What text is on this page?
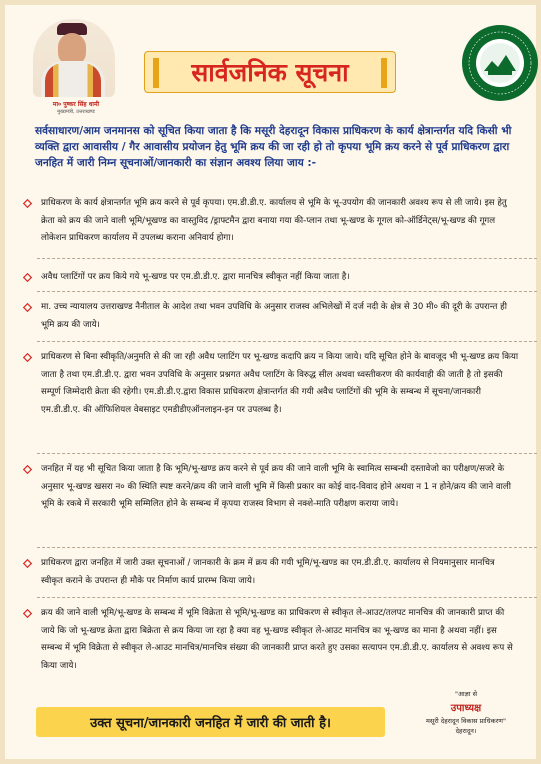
मा० पुष्कर सिंह धामी
मुख्यमंत्री, उत्तराखण्ड
सार्वजनिक सूचना
देहरादून
सर्वसाधारण/आम जनमानस को सूचित किया जाता है कि मसूरी देहरादून विकास प्राधिकरण के कार्य क्षेत्रान्तर्गत यदि किसी भी व्यक्ति द्वारा आवासीय / गैर आवासीय प्रयोजन हेतु भूमि क्रय की जा रही हो तो कृपया भूमि क्रय करने से पूर्व प्राधिकरण द्वारा जनहित में जारी निम्न सूचनाओं/जानकारी का संज्ञान अवश्य लिया जाय :-
प्राधिकरण के कार्य क्षेत्रान्तर्गत भूमि क्रय करने से पूर्व कृपया। एम.डी.डी.ए. कार्यालय से भूमि के भू-उपयोग की जानकारी अवश्य रूप से ली जाये। इस हेतु क्रेता को क्रय की जाने वाली भूमि/भूखण्ड का वास्तुविद /ड्राफ्टमैन द्वारा बनाया गया की-प्लान तथा भू-खण्ड के गूगल को-ऑर्डिनेट्स/भू-खण्ड की गूगल लोकेशन प्राधिकरण कार्यालय में उपलब्ध कराना अनिवार्य होगा।
अवैध प्लाटिंगों पर क्रय किये गये भू-खण्ड पर एम.डी.डी.ए. द्वारा मानचित्र स्वीकृत नहीं किया जाता है।
मा. उच्च न्यायालय उत्तराखण्ड नैनीताल के आदेश तथा भवन उपविधि के अनुसार राजस्व अभिलेखों में दर्ज नदी के क्षेत्र से 30 मी० की दूरी के उपरान्त ही भूमि क्रय की जाये।
प्राधिकरण से बिना स्वीकृति/अनुमति से की जा रही अवैध प्लाटिंग पर भू-खण्ड कदापि क्रय न किया जाये। यदि सूचित होने के बावजूद भी भू-खण्ड क्रय किया जाता है तथा एम.डी.डी.ए. द्वारा भवन उपविधि के अनुसार प्रश्नगत अवैध प्लाटिंग के विरुद्ध सील अथवा ध्वस्तीकरण की कार्यवाही की जाती है तो इसकी सम्पूर्ण जिम्मेदारी क्रेता की रहेगी। एम.डी.डी.ए.द्वारा विकास प्राधिकरण क्षेत्रान्तर्गत की गयी अवैध प्लाटिंगों की भूमि के सम्बन्ध में सूचना/जानकारी एम.डी.डी.ए. की ऑफिशियल वेबसाइट एमडीडीएऑनलाइन-इन पर उपलब्ध है।
जनहित में यह भी सूचित किया जाता है कि भूमि/भू-खण्ड क्रय करने से पूर्व क्रय की जाने वाली भूमि के स्वामित्व सम्बन्धी दस्तावेजो का परीक्षण/सजरे के अनुसार भू-खण्ड खसरा न० की स्थिति स्पष्ट करने/क्रय की जाने वाली भूमि में किसी प्रकार का कोई वाद-विवाद होने अथवा न 1 न होने/क्रय की जाने वाली भूमि के रकबे में सरकारी भूमि सम्मिलित होने के सम्बन्ध में कृपया राजस्व विभाग से नक्शे-माति परीक्षण कराया जाये।
प्राधिकरण द्वारा जनहित में जारी उक्त सूचनाओं / जानकारी के क्रम में क्रय की गयी भूमि/भू-खण्ड का एम.डी.डी.ए. कार्यालय से नियमानुसार मानचित्र स्वीकृत कराने के उपरान्त ही मौके पर निर्माण कार्य प्रारम्भ किया जाये।
क्रय की जाने वाली भूमि/भू-खण्ड के सम्बन्ध में भूमि विक्रेता से भूमि/भू-खण्ड का प्राधिकरण से स्वीकृत ले-आउट/तलपट मानचित्र की जानकारी प्राप्त की जाये कि जो भू-खण्ड क्रेता द्वारा बिक्रेता से क्रय किया जा रहा है क्या वह भू-खण्ड स्वीकृत ले-आउट मानचित्र का भू-खण्ड का माना है अथवा नहीं। इस सम्बन्ध में भूमि विक्रेता से स्वीकृत ले-आउट मानचित्र/मानचित्र संख्या की जानकारी प्राप्त करते हुए उसका सत्यापन एम.डी.डी.ए. कार्यालय से अवश्य रूप से किया जाये।
उक्त सूचना/जानकारी जनहित में जारी की जाती है।
"आज्ञा से
उपाध्यक्ष
मसूरी देहरादून विकास प्राधिकरण"
देहरादून।
